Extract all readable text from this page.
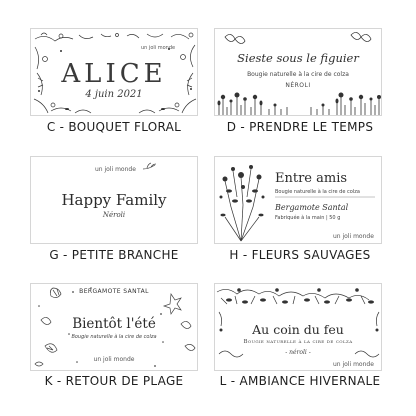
un joli monde
ALICE
4 juin 2021
C - BOUQUET FLORAL
Sieste sous le figuier
Bougie naturelle à la cire de colza
NÉROLI
D - PRENDRE LE TEMPS
un joli monde
Happy Family
Néroli
G - PETITE BRANCHE
Entre amis
Bougie naturelle à la cire de colza
Bergamote Santal
Fabriquée à la main | 50 g
un joli monde
H - FLEURS SAUVAGES
BERGAMOTE SANTAL
Bientôt l'été
Bougie naturelle à la cire de colza
un joli monde
K - RETOUR DE PLAGE
Au coin du feu
Bougie naturelle à la cire de colza
- néroli -
un joli monde
L - AMBIANCE HIVERNALE
